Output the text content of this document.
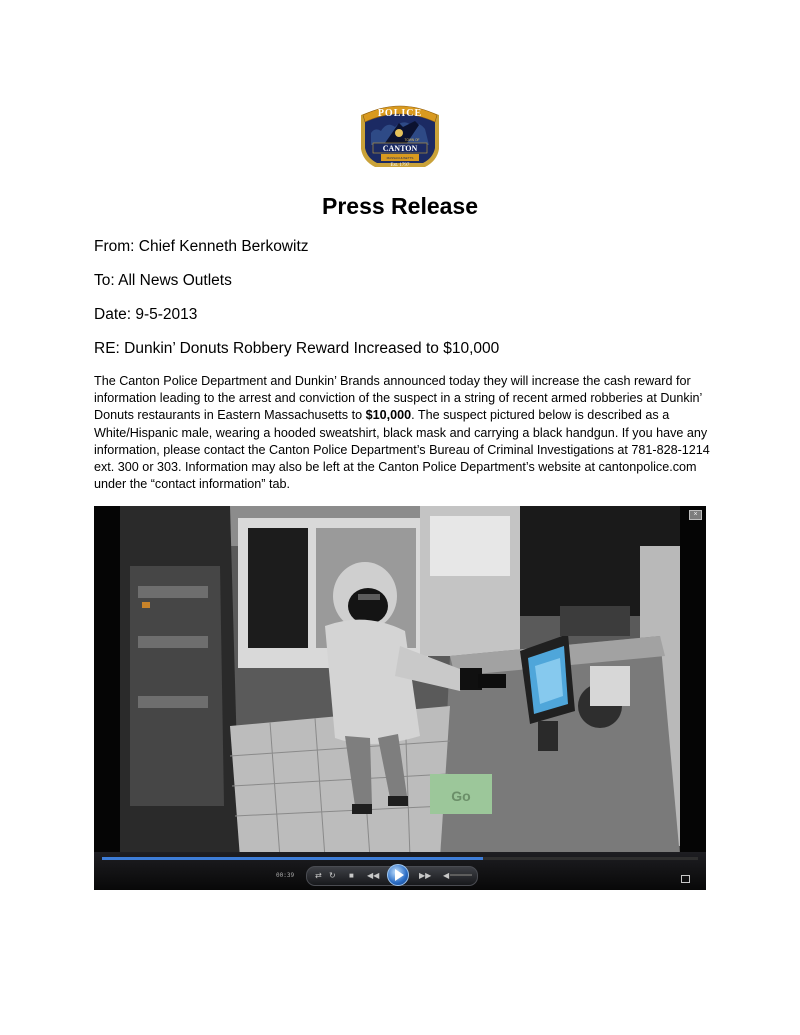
POLICE
TOWN OF
CANTON
MASSACHUSETTS
Est. 1797
Press Release

From: Chief Kenneth Berkowitz

To: All News Outlets

Date: 9-5-2013

RE: Dunkin’ Donuts Robbery Reward Increased to $10,000

The Canton Police Department and Dunkin’ Brands announced today they will increase the cash reward for information leading to the arrest and conviction of the suspect in a string of recent armed robberies at Dunkin’ Donuts restaurants in Eastern Massachusetts to $10,000. The suspect pictured below is described as a White/Hispanic male, wearing a hooded sweatshirt, black mask and carrying a black handgun. If you have any information, please contact the Canton Police Department’s Bureau of Criminal Investigations at 781-828-1214 ext. 300 or 303. Information may also be left at the Canton Police Department’s website at cantonpolice.com under the “contact information” tab.

Go
×
00:39	⇄ ↻ ■ ◀◀	▶▶ ◀
